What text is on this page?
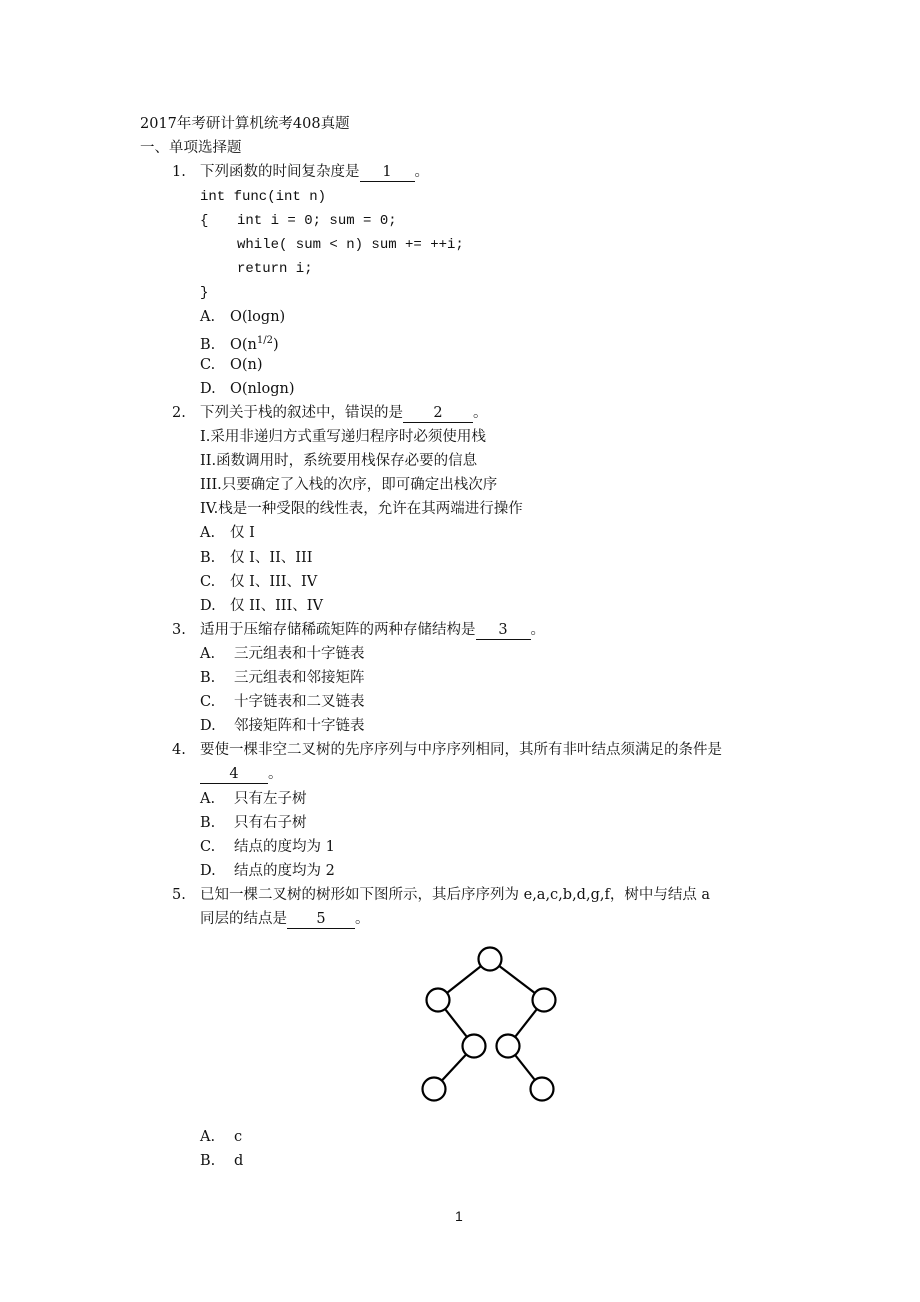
2017年考研计算机统考408真题
一、单项选择题
1. 下列函数的时间复杂度是 1 。
int func(int n)
{ int i = 0; sum = 0;
while( sum < n) sum += ++i;
return i;
}
A. O(logn)
B. $O(n^{1/2})$
C. O(n)
D. O(nlogn)
2. 下列关于栈的叙述中，错误的是 2 。
I.采用非递归方式重写递归程序时必须使用栈
II.函数调用时，系统要用栈保存必要的信息
III.只要确定了入栈的次序，即可确定出栈次序
IV.栈是一种受限的线性表，允许在其两端进行操作
A. 仅 I
B. 仅 I、II、III
C. 仅 I、III、IV
D. 仅 II、III、IV
3. 适用于压缩存储稀疏矩阵的两种存储结构是 3 。
A. 三元组表和十字链表
B. 三元组表和邻接矩阵
C. 十字链表和二叉链表
D. 邻接矩阵和十字链表
4. 要使一棵非空二叉树的先序序列与中序序列相同，其所有非叶结点须满足的条件是
4 。
A. 只有左子树
B. 只有右子树
C. 结点的度均为 1
D. 结点的度均为 2
5. 已知一棵二叉树的树形如下图所示，其后序序列为 e,a,c,b,d,g,f，树中与结点 a
同层的结点是 5 。
A. c
B. d
1
